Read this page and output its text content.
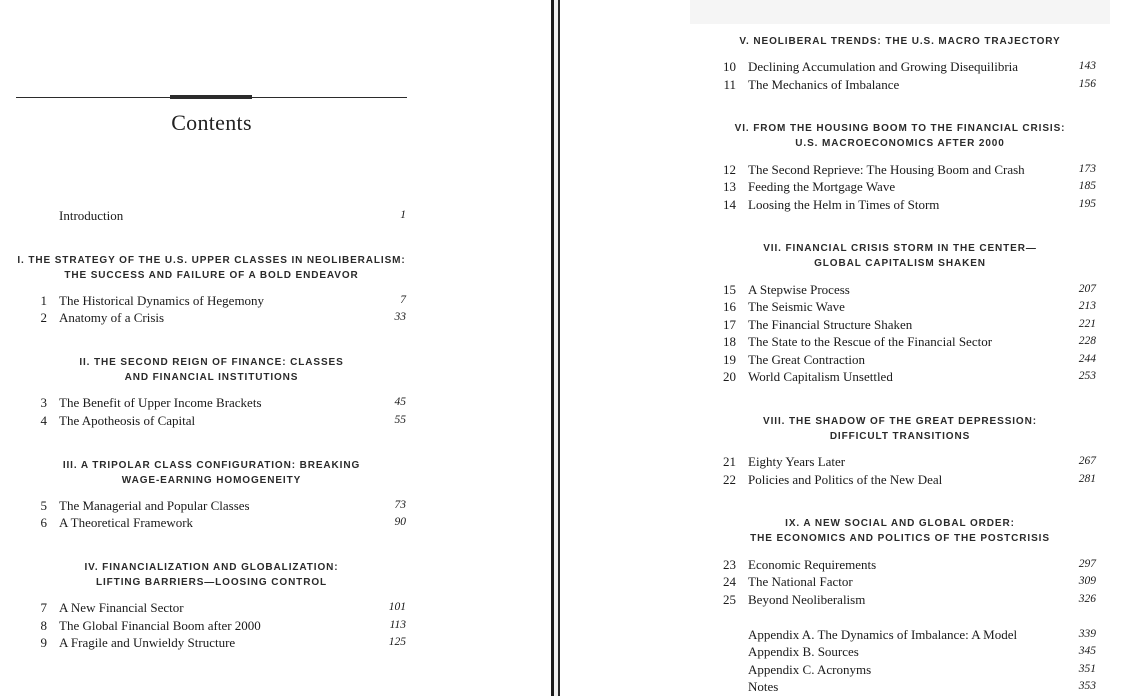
Contents
Introduction	1
I. THE STRATEGY OF THE U.S. UPPER CLASSES IN NEOLIBERALISM:
THE SUCCESS AND FAILURE OF A BOLD ENDEAVOR
1 The Historical Dynamics of Hegemony	7
2 Anatomy of a Crisis	33
II. THE SECOND REIGN OF FINANCE: CLASSES
AND FINANCIAL INSTITUTIONS
3 The Benefit of Upper Income Brackets	45
4 The Apotheosis of Capital	55
III. A TRIPOLAR CLASS CONFIGURATION: BREAKING
WAGE-EARNING HOMOGENEITY
5 The Managerial and Popular Classes	73
6 A Theoretical Framework	90
IV. FINANCIALIZATION AND GLOBALIZATION:
LIFTING BARRIERS—LOOSING CONTROL
7 A New Financial Sector	101
8 The Global Financial Boom after 2000	113
9 A Fragile and Unwieldy Structure	125
V. NEOLIBERAL TRENDS: THE U.S. MACRO TRAJECTORY
10 Declining Accumulation and Growing Disequilibria	143
11 The Mechanics of Imbalance	156
VI. FROM THE HOUSING BOOM TO THE FINANCIAL CRISIS:
U.S. MACROECONOMICS AFTER 2000
12 The Second Reprieve: The Housing Boom and Crash	173
13 Feeding the Mortgage Wave	185
14 Loosing the Helm in Times of Storm	195
VII. FINANCIAL CRISIS STORM IN THE CENTER—
GLOBAL CAPITALISM SHAKEN
15 A Stepwise Process	207
16 The Seismic Wave	213
17 The Financial Structure Shaken	221
18 The State to the Rescue of the Financial Sector	228
19 The Great Contraction	244
20 World Capitalism Unsettled	253
VIII. THE SHADOW OF THE GREAT DEPRESSION:
DIFFICULT TRANSITIONS
21 Eighty Years Later	267
22 Policies and Politics of the New Deal	281
IX. A NEW SOCIAL AND GLOBAL ORDER:
THE ECONOMICS AND POLITICS OF THE POSTCRISIS
23 Economic Requirements	297
24 The National Factor	309
25 Beyond Neoliberalism	326
Appendix A. The Dynamics of Imbalance: A Model	339
Appendix B. Sources	345
Appendix C. Acronyms	351
Notes	353
